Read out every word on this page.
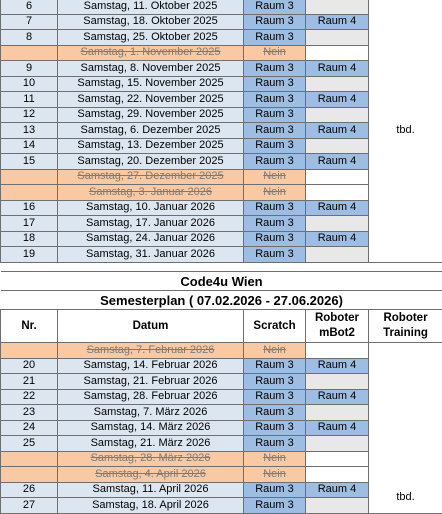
6	Samstag, 11. Oktober 2025	Raum 3		tbd.

7	Samstag, 18. Oktober 2025	Raum 3	Raum 4	
8	Samstag, 25. Oktober 2025	Raum 3		
	Samstag, 1. November 2025	Nein		
9	Samstag, 8. November 2025	Raum 3	Raum 4	
10	Samstag, 15. November 2025	Raum 3		
11	Samstag, 22. November 2025	Raum 3	Raum 4	
12	Samstag, 29. November 2025	Raum 3		
13	Samstag, 6. Dezember 2025	Raum 3	Raum 4	
14	Samstag, 13. Dezember 2025	Raum 3		
15	Samstag, 20. Dezember 2025	Raum 3	Raum 4	
	Samstag, 27. Dezember 2025	Nein		
	Samstag, 3. Januar 2026	Nein		
16	Samstag, 10. Januar 2026	Raum 3	Raum 4	
17	Samstag, 17. Januar 2026	Raum 3		
18	Samstag, 24. Januar 2026	Raum 3	Raum 4	
19	Samstag, 31. Januar 2026	Raum 3		
Code4u Wien				
Semesterplan ( 07.02.2026 - 27.06.2026)				
Nr.	Datum	Scratch	Roboter mBot2	Roboter Training
	Samstag, 7. Februar 2026	Nein		tbd.

20	Samstag, 14. Februar 2026	Raum 3	Raum 4	
21	Samstag, 21. Februar 2026	Raum 3		
22	Samstag, 28. Februar 2026	Raum 3	Raum 4	
23	Samstag, 7. März 2026	Raum 3		
24	Samstag, 14. März 2026	Raum 3	Raum 4	
25	Samstag, 21. März 2026	Raum 3		
	Samstag, 28. März 2026	Nein		
	Samstag, 4. April 2026	Nein		
26	Samstag, 11. April 2026	Raum 3	Raum 4	
27	Samstag, 18. April 2026	Raum 3		
